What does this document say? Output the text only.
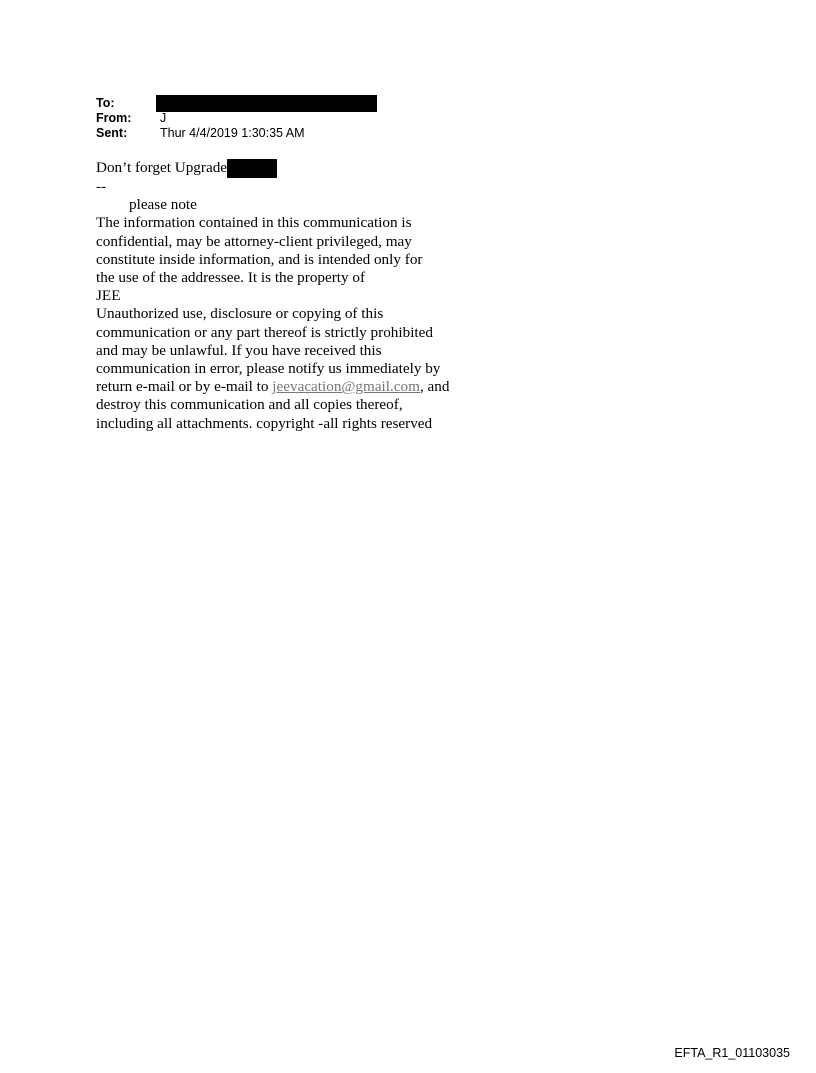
To:
From:	J
Sent:	Thur 4/4/2019 1:30:35 AM
Don’t forget Upgrade
--
please note
The information contained in this communication is
confidential, may be attorney-client privileged, may
constitute inside information, and is intended only for
the use of the addressee. It is the property of
JEE
Unauthorized use, disclosure or copying of this
communication or any part thereof is strictly prohibited
and may be unlawful. If you have received this
communication in error, please notify us immediately by
return e-mail or by e-mail to jeevacation@gmail.com, and
destroy this communication and all copies thereof,
including all attachments. copyright -all rights reserved
EFTA_R1_01103035
